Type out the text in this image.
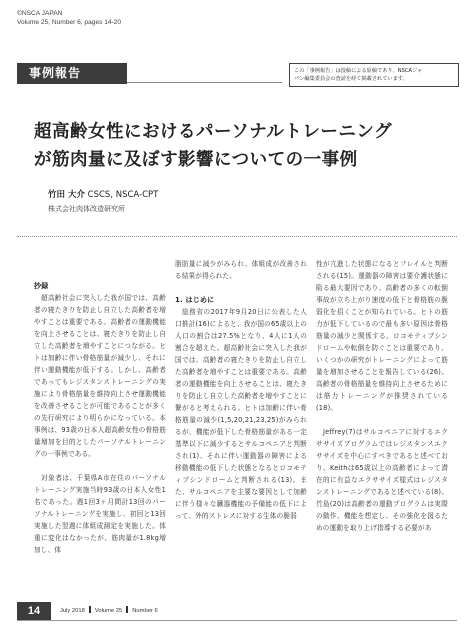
©NSCA JAPAN
Volume 25, Number 6, pages 14-20
事例報告	この「事例報告」は投稿による原稿であり、NSCAジャ
パン編集委員会の査読を経て掲載されています。
超高齢女性におけるパーソナルトレーニング
が筋肉量に及ぼす影響についての一事例
竹田 大介 CSCS, NSCA-CPT
株式会社肉体改造研究所
抄録

超高齢社会に突入した我が国では、高齢者の寝たきりを防止し自立した高齢者を増やすことは重要である。高齢者の運動機能を向上させることは、寝たきりを防止し自立した高齢者を増やすことにつながる。ヒトは加齢に伴い骨格筋量が減少し、それに伴い運動機能が低下する。しかし、高齢者であってもレジスタンストレーニングの実施により骨格筋量を維持向上させ運動機能を改善させることが可能であることが多くの先行研究により明らかになっている。本事例は、93歳の日本人超高齢女性の骨格筋量増加を目的としたパーソナルトレーニングの一事例である。

対象者は、千葉県A市在住のパーソナルトレーニング実施当時93歳の日本人女性1名であった。週1回3ヶ月間計13回のパーソナルトレーニングを実施し、初回と13回実施した翌週に体組成測定を実施した。体重に変化はなかったが、筋肉量が1.8kg増加し、体

脂肪量に減少がみられ、体組成が改善される結果が得られた。

1. はじめに

総務省の2017年9月20日に公表した人口推計(16)によると、我が国の65歳以上の人口の割合は27.5%となり、4人に1人の割合を超えた。超高齢社会に突入した我が国では、高齢者の寝たきりを防止し自立した高齢者を増やすことは重要である。高齢者の運動機能を向上させることは、寝たきりを防止し自立した高齢者を増やすことに繋がると考えられる。ヒトは加齢に伴い骨格筋量の減少(1,5,20,21,23,25)がみられるが、機能が低下した骨格筋量がある一定基準以下に減少するとサルコペニアと判断され(1)、それに伴い運動器の障害による移動機能の低下した状態となるとロコモティブシンドロームと判断される(13)。また、サルコペニアを主要な要因として加齢に伴う様々な臓器機能の予備能の低下によって、外的ストレスに対する生体の脆弱

性が亢進した状態になるとフレイルと判断される(15)。運動器の障害は要介護状態に陥る最大要因であり、高齢者の多くの転倒事故が立ち上がり速度の低下と骨格筋の脆弱化を招くことが知られている。ヒトの筋力が低下しているので最も多い原因は骨格筋量の減少と関係する。ロコモティブシンドロームや転倒を防ぐことは重要であり、いくつかの研究がトレーニングによって筋量を増加させることを報告している(26)。高齢者の骨格筋量を維持向上させるためには筋力トレーニングが推奨されている(18)。

Jeffrey(7)はサルコペニアに対するエクササイズプログラムではレジスタンスエクササイズを中心にすべきであると述べており、Keithは65歳以上の高齢者によって潜在的に有益なエクササイズ様式はレジスタンストレーニングであると述べている(8)。竹島(20)は高齢者の運動プログラムは実際の動作、機能を想定し、その強化を図るための運動を取り上げ指導する必要があ

14	July 2018 Volume 25 Number 6
